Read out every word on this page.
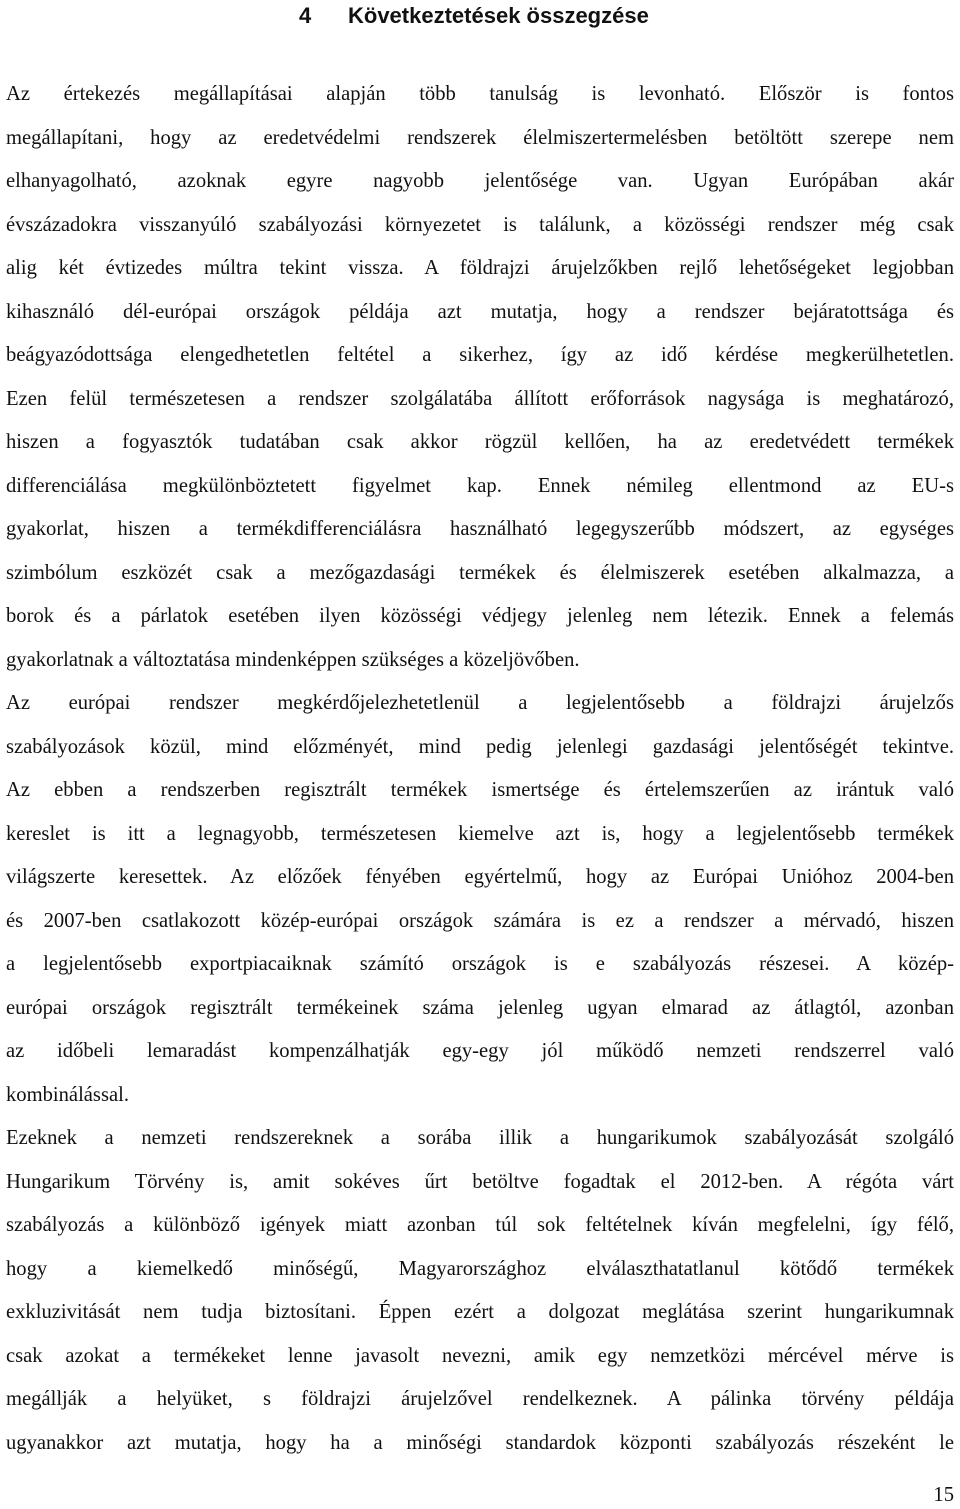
4 Következtetések összegzése
Az értekezés megállapításai alapján több tanulság is levonható. Először is fontos
megállapítani, hogy az eredetvédelmi rendszerek élelmiszertermelésben betöltött szerepe nem
elhanyagolható, azoknak egyre nagyobb jelentősége van. Ugyan Európában akár
évszázadokra visszanyúló szabályozási környezetet is találunk, a közösségi rendszer még csak
alig két évtizedes múltra tekint vissza. A földrajzi árujelzőkben rejlő lehetőségeket legjobban
kihasználó dél-európai országok példája azt mutatja, hogy a rendszer bejáratottsága és
beágyazódottsága elengedhetetlen feltétel a sikerhez, így az idő kérdése megkerülhetetlen.
Ezen felül természetesen a rendszer szolgálatába állított erőforrások nagysága is meghatározó,
hiszen a fogyasztók tudatában csak akkor rögzül kellően, ha az eredetvédett termékek
differenciálása megkülönböztetett figyelmet kap. Ennek némileg ellentmond az EU-s
gyakorlat, hiszen a termékdifferenciálásra használható legegyszerűbb módszert, az egységes
szimbólum eszközét csak a mezőgazdasági termékek és élelmiszerek esetében alkalmazza, a
borok és a párlatok esetében ilyen közösségi védjegy jelenleg nem létezik. Ennek a felemás
gyakorlatnak a változtatása mindenképpen szükséges a közeljövőben.
Az európai rendszer megkérdőjelezhetetlenül a legjelentősebb a földrajzi árujelzős
szabályozások közül, mind előzményét, mind pedig jelenlegi gazdasági jelentőségét tekintve.
Az ebben a rendszerben regisztrált termékek ismertsége és értelemszerűen az irántuk való
kereslet is itt a legnagyobb, természetesen kiemelve azt is, hogy a legjelentősebb termékek
világszerte keresettek. Az előzőek fényében egyértelmű, hogy az Európai Unióhoz 2004-ben
és 2007-ben csatlakozott közép-európai országok számára is ez a rendszer a mérvadó, hiszen
a legjelentősebb exportpiacaiknak számító országok is e szabályozás részesei. A közép-
európai országok regisztrált termékeinek száma jelenleg ugyan elmarad az átlagtól, azonban
az időbeli lemaradást kompenzálhatják egy-egy jól működő nemzeti rendszerrel való
kombinálással.
Ezeknek a nemzeti rendszereknek a sorába illik a hungarikumok szabályozását szolgáló
Hungarikum Törvény is, amit sokéves űrt betöltve fogadtak el 2012-ben. A régóta várt
szabályozás a különböző igények miatt azonban túl sok feltételnek kíván megfelelni, így félő,
hogy a kiemelkedő minőségű, Magyarországhoz elválaszthatatlanul kötődő termékek
exkluzivitását nem tudja biztosítani. Éppen ezért a dolgozat meglátása szerint hungarikumnak
csak azokat a termékeket lenne javasolt nevezni, amik egy nemzetközi mércével mérve is
megállják a helyüket, s földrajzi árujelzővel rendelkeznek. A pálinka törvény példája
ugyanakkor azt mutatja, hogy ha a minőségi standardok központi szabályozás részeként le
15
